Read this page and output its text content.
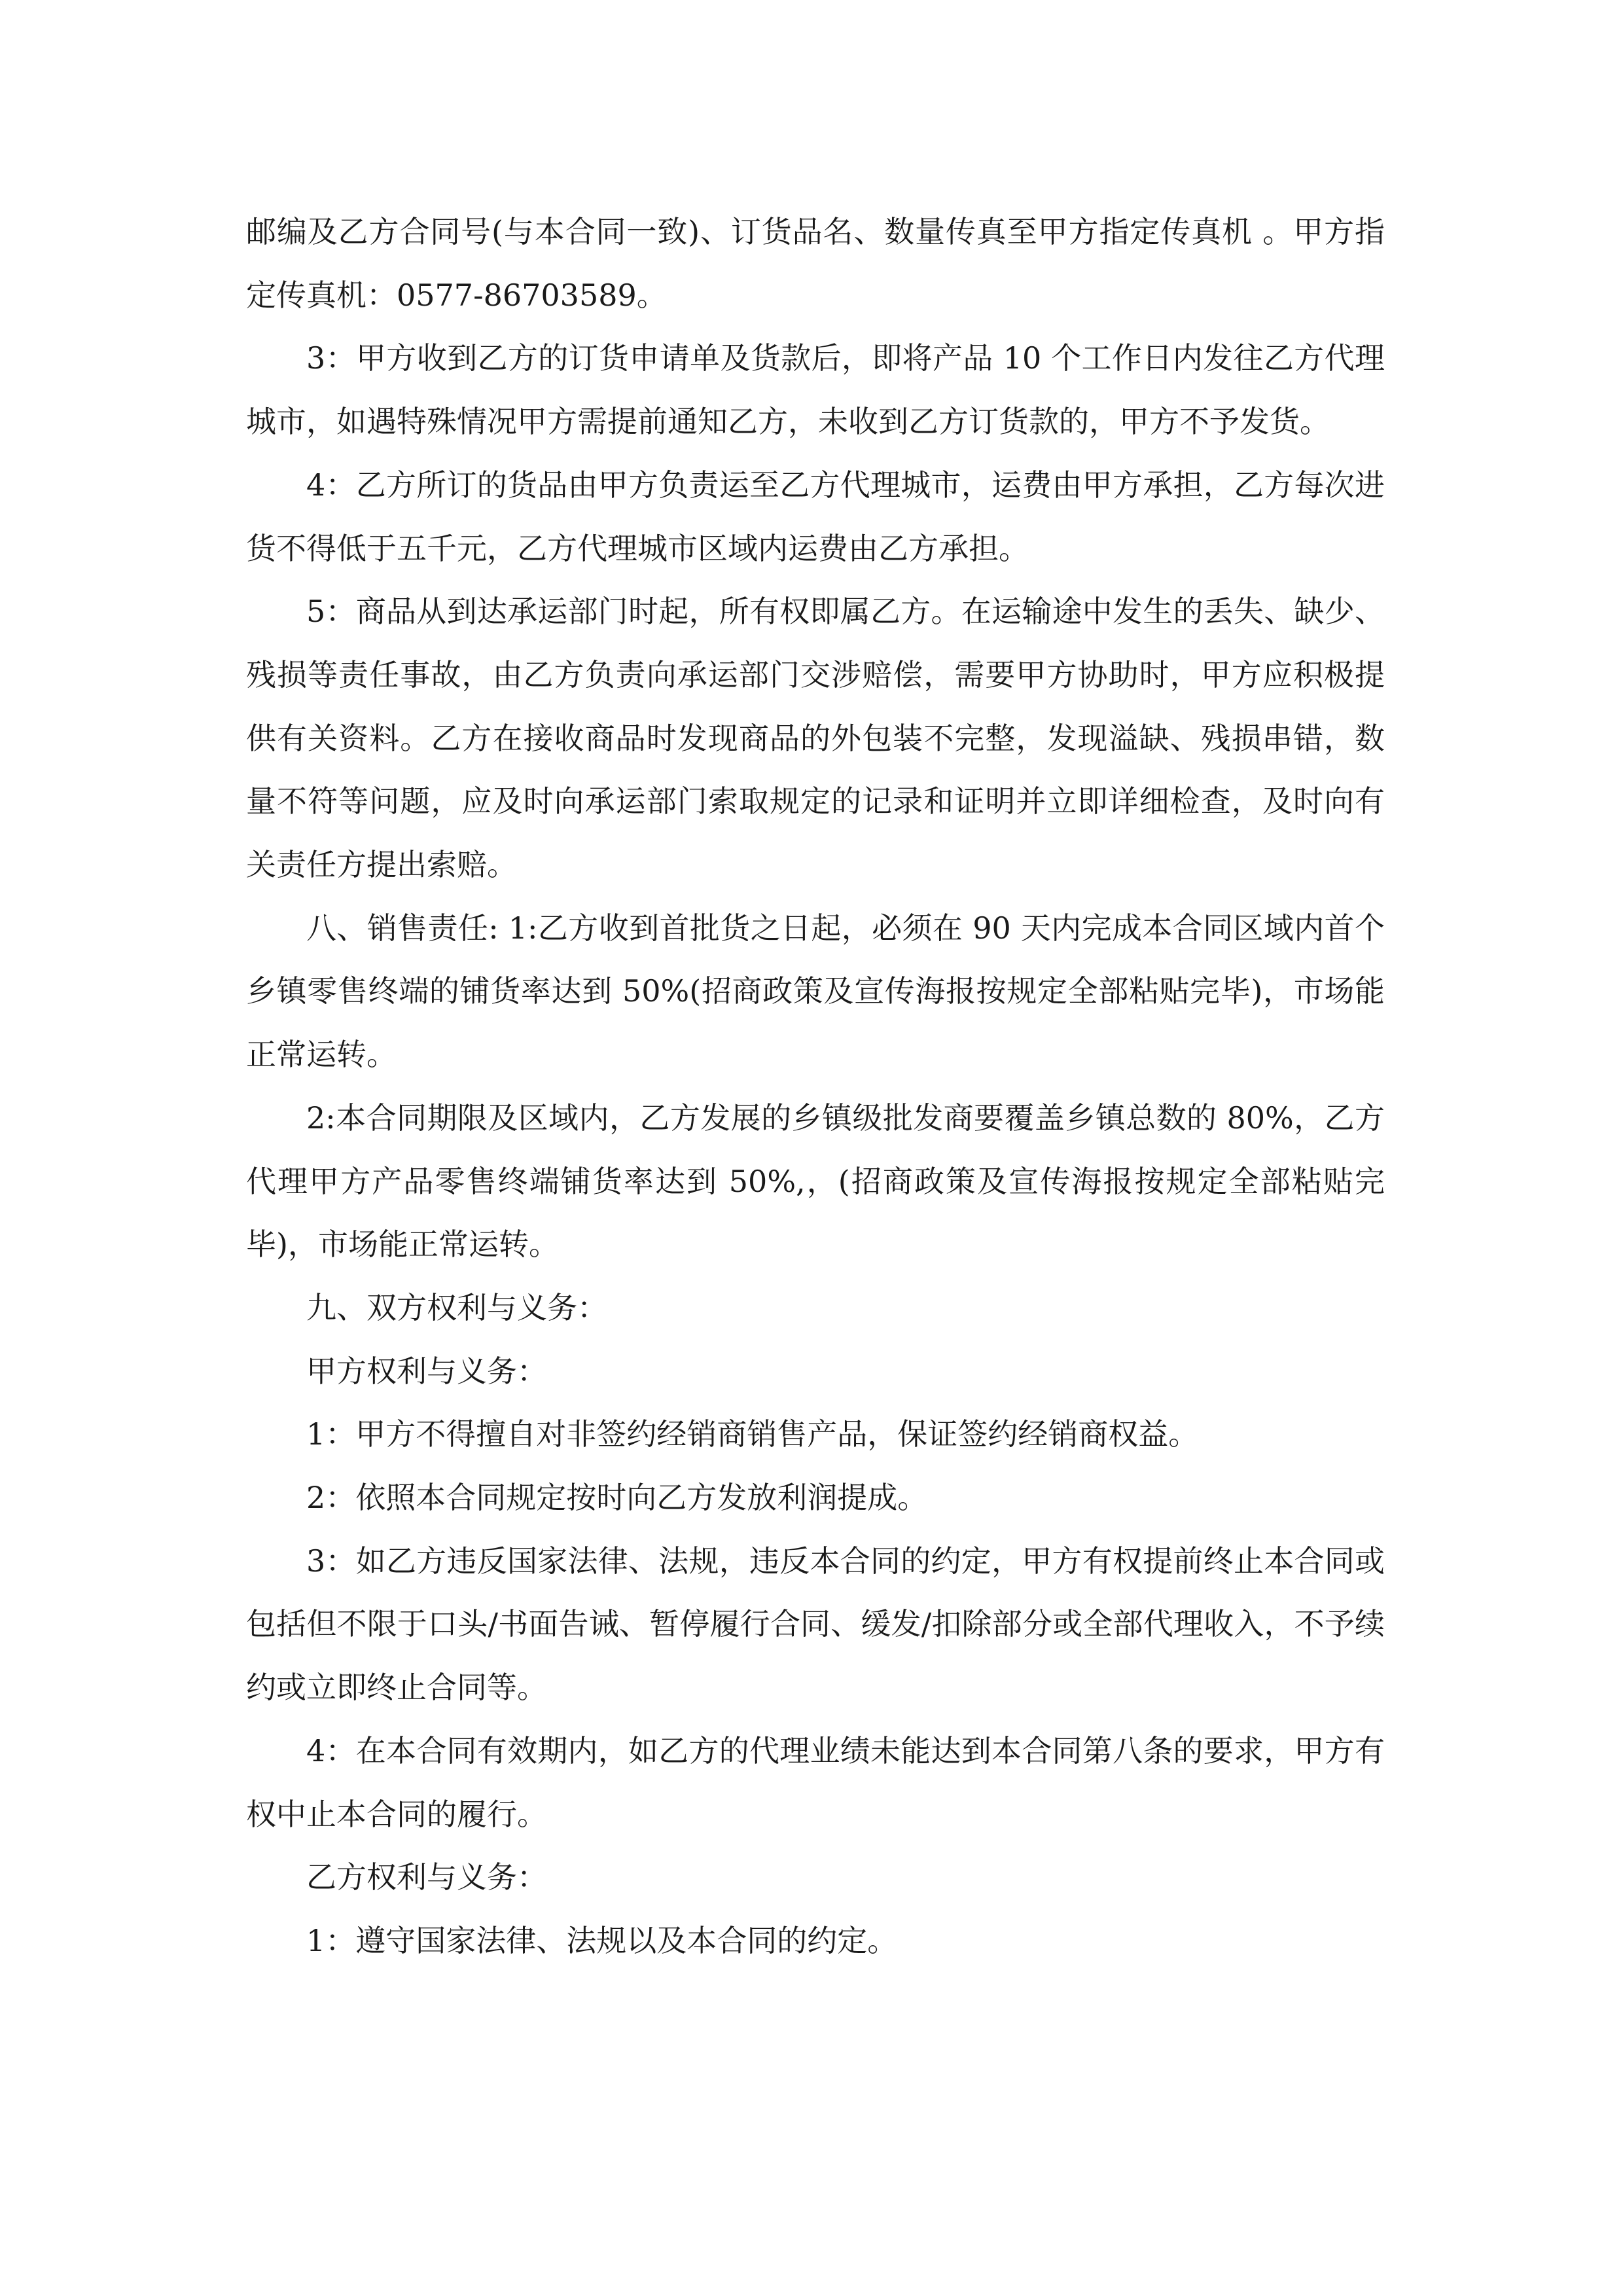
邮编及乙方合同号(与本合同一致)、订货品名、数量传真至甲方指定传真机 。甲方指定传真机：0577-86703589。

3：甲方收到乙方的订货申请单及货款后，即将产品 10 个工作日内发往乙方代理城市，如遇特殊情况甲方需提前通知乙方，未收到乙方订货款的，甲方不予发货。

4：乙方所订的货品由甲方负责运至乙方代理城市，运费由甲方承担，乙方每次进货不得低于五千元，乙方代理城市区域内运费由乙方承担。

5：商品从到达承运部门时起，所有权即属乙方。在运输途中发生的丢失、缺少、残损等责任事故，由乙方负责向承运部门交涉赔偿，需要甲方协助时，甲方应积极提供有关资料。乙方在接收商品时发现商品的外包装不完整，发现溢缺、残损串错，数量不符等问题，应及时向承运部门索取规定的记录和证明并立即详细检查，及时向有关责任方提出索赔。

八、销售责任: 1:乙方收到首批货之日起，必须在 90 天内完成本合同区域内首个乡镇零售终端的铺货率达到 50%(招商政策及宣传海报按规定全部粘贴完毕)，市场能正常运转。

2:本合同期限及区域内，乙方发展的乡镇级批发商要覆盖乡镇总数的 80%，乙方代理甲方产品零售终端铺货率达到 50%,，(招商政策及宣传海报按规定全部粘贴完毕)，市场能正常运转。

九、双方权利与义务：

甲方权利与义务：

1：甲方不得擅自对非签约经销商销售产品，保证签约经销商权益。

2：依照本合同规定按时向乙方发放利润提成。

3：如乙方违反国家法律、法规，违反本合同的约定，甲方有权提前终止本合同或包括但不限于口头/书面告诫、暂停履行合同、缓发/扣除部分或全部代理收入，不予续约或立即终止合同等。

4：在本合同有效期内，如乙方的代理业绩未能达到本合同第八条的要求，甲方有权中止本合同的履行。

乙方权利与义务：

1：遵守国家法律、法规以及本合同的约定。
